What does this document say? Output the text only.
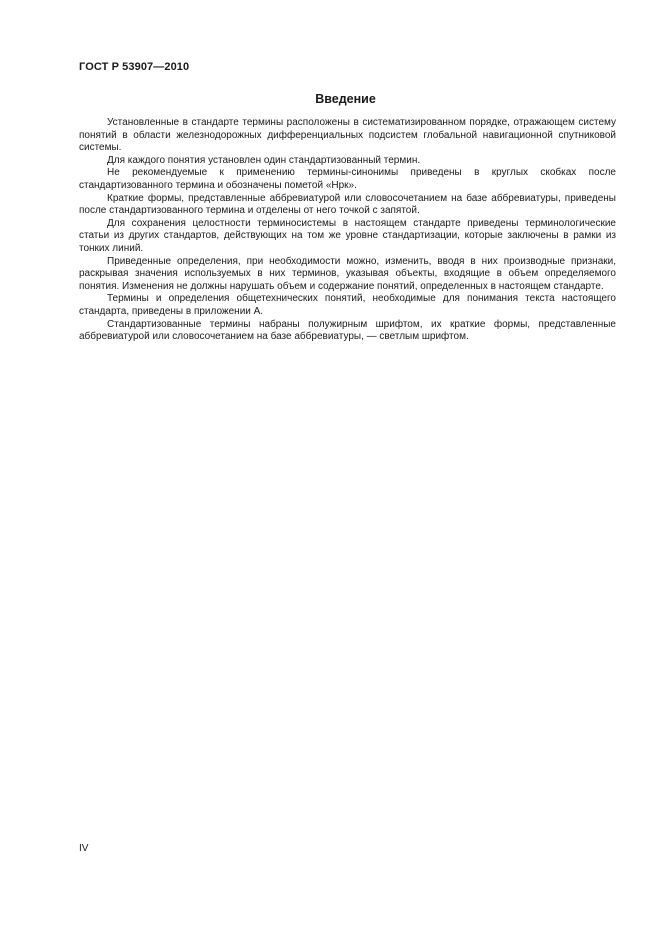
ГОСТ Р 53907—2010
Введение

Установленные в стандарте термины расположены в систематизированном порядке, отражающем систему понятий в области железнодорожных дифференциальных подсистем глобальной навигационной спутниковой системы.

Для каждого понятия установлен один стандартизованный термин.

Не рекомендуемые к применению термины-синонимы приведены в круглых скобках после стандартизованного термина и обозначены пометой «Нрк».

Краткие формы, представленные аббревиатурой или словосочетанием на базе аббревиатуры, приведены после стандартизованного термина и отделены от него точкой с запятой.

Для сохранения целостности терминосистемы в настоящем стандарте приведены терминологические статьи из других стандартов, действующих на том же уровне стандартизации, которые заключены в рамки из тонких линий.

Приведенные определения, при необходимости можно, изменить, вводя в них производные признаки, раскрывая значения используемых в них терминов, указывая объекты, входящие в объем определяемого понятия. Изменения не должны нарушать объем и содержание понятий, определенных в настоящем стандарте.

Термины и определения общетехнических понятий, необходимые для понимания текста настоящего стандарта, приведены в приложении А.

Стандартизованные термины набраны полужирным шрифтом, их краткие формы, представленные аббревиатурой или словосочетанием на базе аббревиатуры, — светлым шрифтом.

IV
